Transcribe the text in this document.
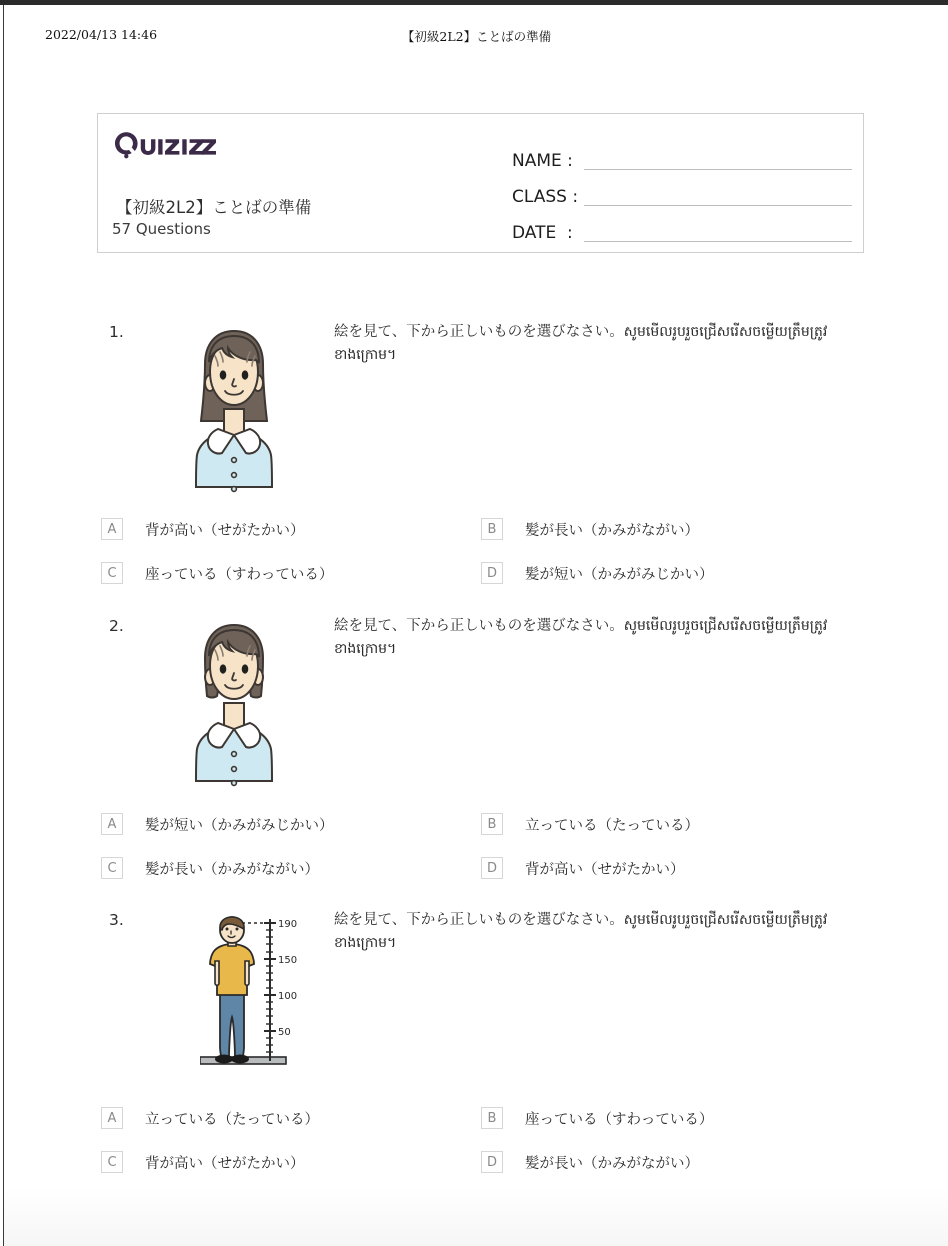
2022/04/13 14:46	【初級2L2】ことばの準備
【初級2L2】ことばの準備
57 Questions
NAME :
CLASS :
DATE  :
1.	絵を見て、下から正しいものを選びなさい。សូមមើលរូបរួចជ្រើសរើសចម្លើយត្រឹមត្រូវខាងក្រោម។
A	背が高い（せがたかい）	B	髪が長い（かみがながい）
C	座っている（すわっている）	D	髪が短い（かみがみじかい）
2.	絵を見て、下から正しいものを選びなさい。សូមមើលរូបរួចជ្រើសរើសចម្លើយត្រឹមត្រូវខាងក្រោម។
A	髪が短い（かみがみじかい）	B	立っている（たっている）
C	髪が長い（かみがながい）	D	背が高い（せがたかい）
3.	190
150
100
50
絵を見て、下から正しいものを選びなさい。សូមមើលរូបរួចជ្រើសរើសចម្លើយត្រឹមត្រូវខាងក្រោម។
A	立っている（たっている）	B	座っている（すわっている）
C	背が高い（せがたかい）	D	髪が長い（かみがながい）
